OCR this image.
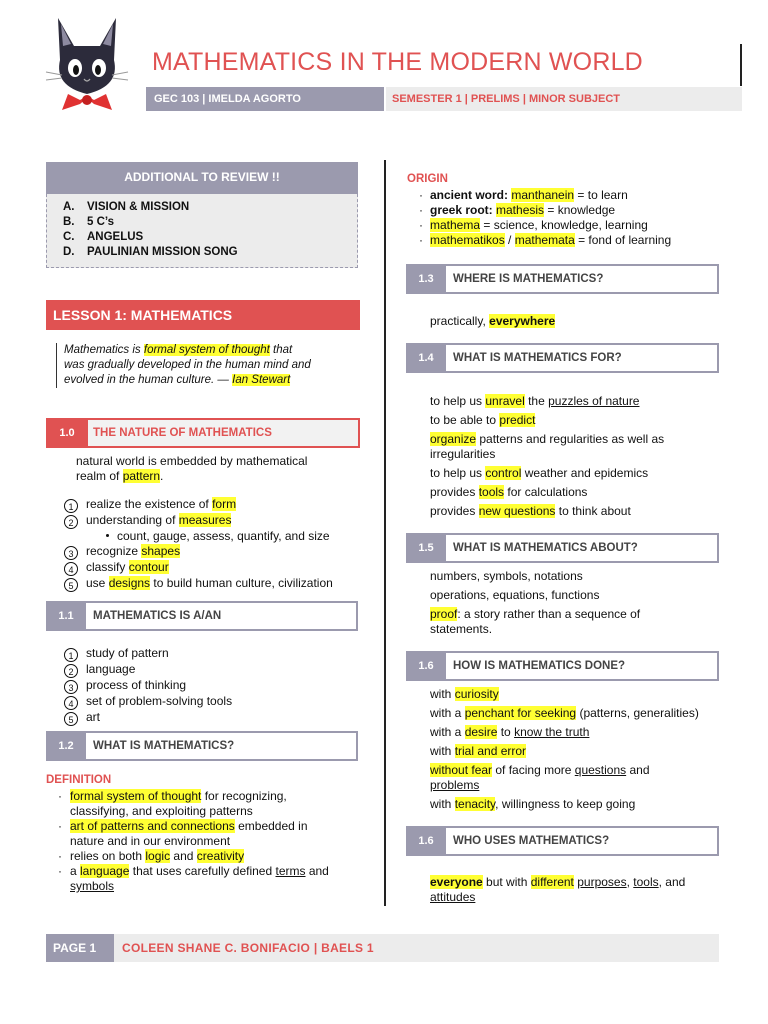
MATHEMATICS IN THE MODERN WORLD
GEC 103 | IMELDA AGORTO	SEMESTER 1 | PRELIMS | MINOR SUBJECT
ADDITIONAL TO REVIEW !!
A. VISION & MISSION
B. 5 C’s
C. ANGELUS
D. PAULINIAN MISSION SONG
LESSON 1: MATHEMATICS
Mathematics is formal system of thought that
was gradually developed in the human mind and
evolved in the human culture. — Ian Stewart
1.0	THE NATURE OF MATHEMATICS
natural world is embedded by mathematical
realm of pattern.
1 realize the existence of form
2 understanding of measures
count, gauge, assess, quantify, and size
3 recognize shapes
4 classify contour
5 use designs to build human culture, civilization
1.1	MATHEMATICS IS A/AN
1 study of pattern
2 language
3 process of thinking
4 set of problem-solving tools
5 art
1.2	WHAT IS MATHEMATICS?
DEFINITION
· formal system of thought for recognizing,
classifying, and exploiting patterns
· art of patterns and connections embedded in
nature and in our environment
· relies on both logic and creativity
· a language that uses carefully defined terms and
symbols
ORIGIN
· ancient word: manthanein = to learn
· greek root: mathesis = knowledge
· mathema = science, knowledge, learning
· mathematikos / mathemata = fond of learning
1.3	WHERE IS MATHEMATICS?
practically, everywhere
1.4	WHAT IS MATHEMATICS FOR?
to help us unravel the puzzles of nature
to be able to predict
organize patterns and regularities as well as
irregularities
to help us control weather and epidemics
provides tools for calculations
provides new questions to think about
1.5	WHAT IS MATHEMATICS ABOUT?
numbers, symbols, notations
operations, equations, functions
proof: a story rather than a sequence of
statements.
1.6	HOW IS MATHEMATICS DONE?
with curiosity
with a penchant for seeking (patterns, generalities)
with a desire to know the truth
with trial and error
without fear of facing more questions and
problems
with tenacity, willingness to keep going
1.6	WHO USES MATHEMATICS?
everyone but with different purposes, tools, and
attitudes
PAGE 1	COLEEN SHANE C. BONIFACIO | BAELS 1
